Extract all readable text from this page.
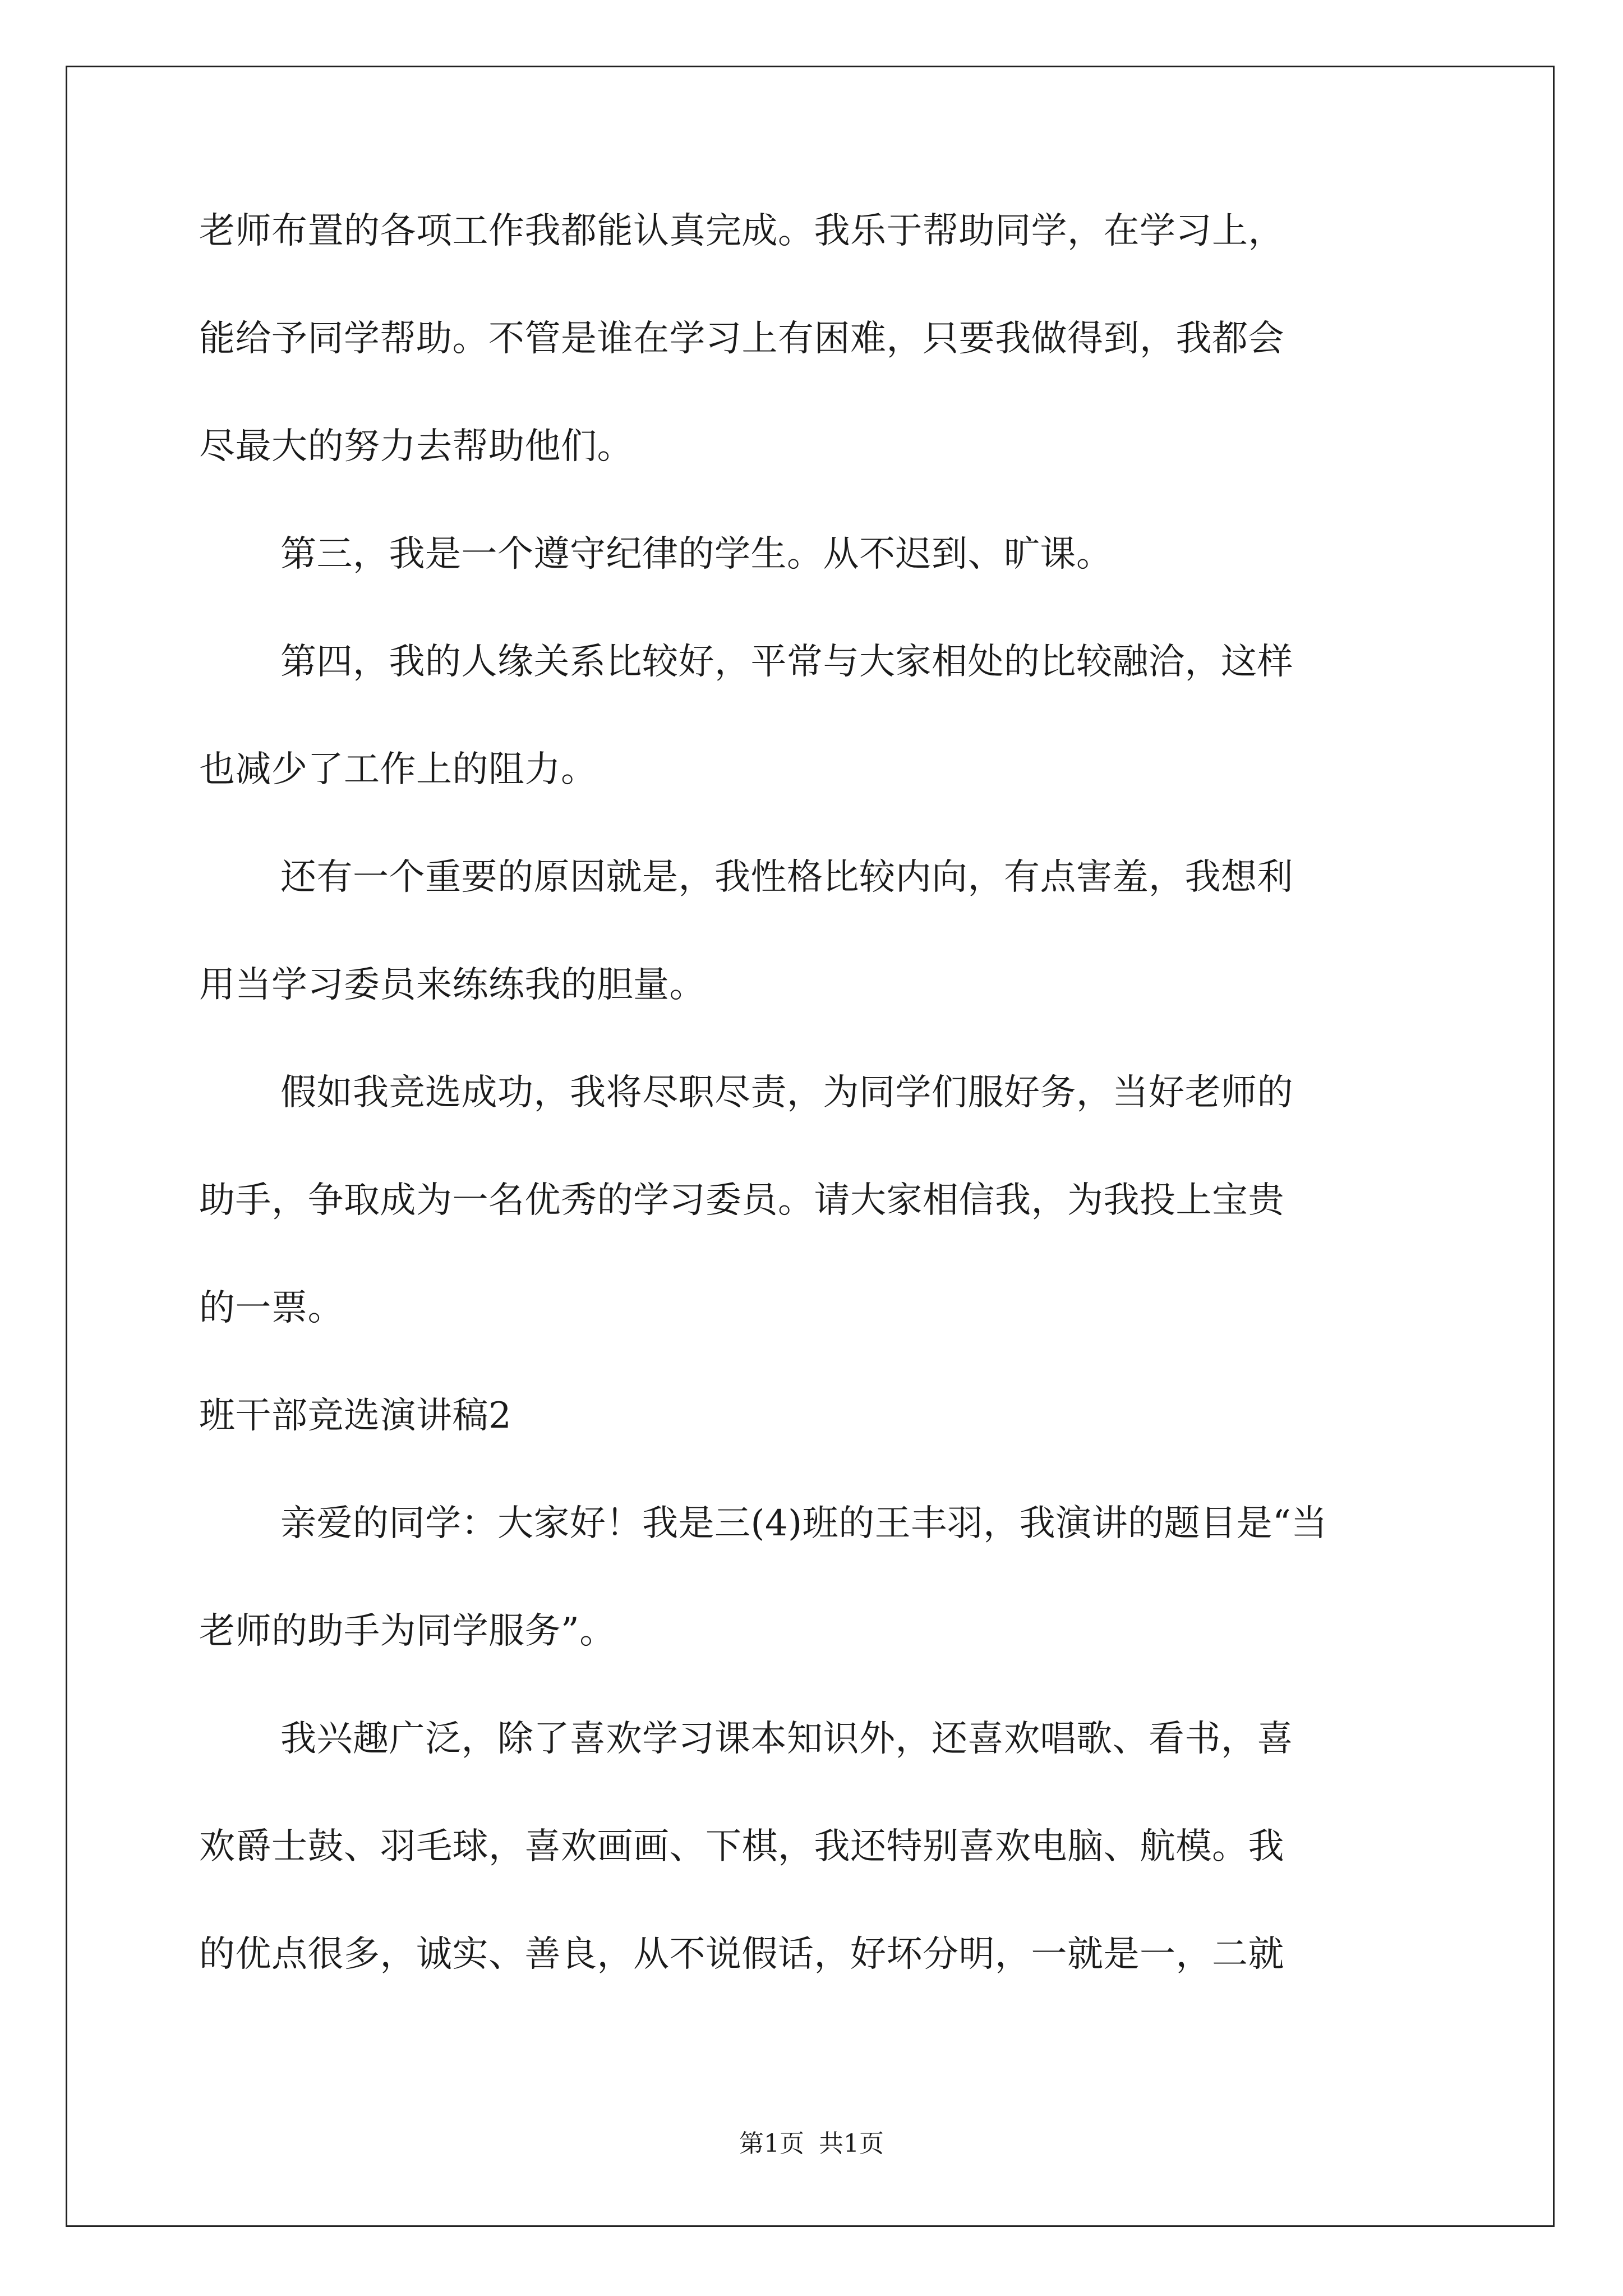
老师布置的各项工作我都能认真完成。我乐于帮助同学，在学习上，
能给予同学帮助。不管是谁在学习上有困难，只要我做得到，我都会
尽最大的努力去帮助他们。
第三，我是一个遵守纪律的学生。从不迟到、旷课。
第四，我的人缘关系比较好，平常与大家相处的比较融洽，这样
也减少了工作上的阻力。
还有一个重要的原因就是，我性格比较内向，有点害羞，我想利
用当学习委员来练练我的胆量。
假如我竞选成功，我将尽职尽责，为同学们服好务，当好老师的
助手，争取成为一名优秀的学习委员。请大家相信我，为我投上宝贵
的一票。
班干部竞选演讲稿2
亲爱的同学：大家好！我是三(4)班的王丰羽，我演讲的题目是“当
老师的助手为同学服务”。
我兴趣广泛，除了喜欢学习课本知识外，还喜欢唱歌、看书，喜
欢爵士鼓、羽毛球，喜欢画画、下棋，我还特别喜欢电脑、航模。我
的优点很多，诚实、善良，从不说假话，好坏分明，一就是一，二就
第1页 共1页
